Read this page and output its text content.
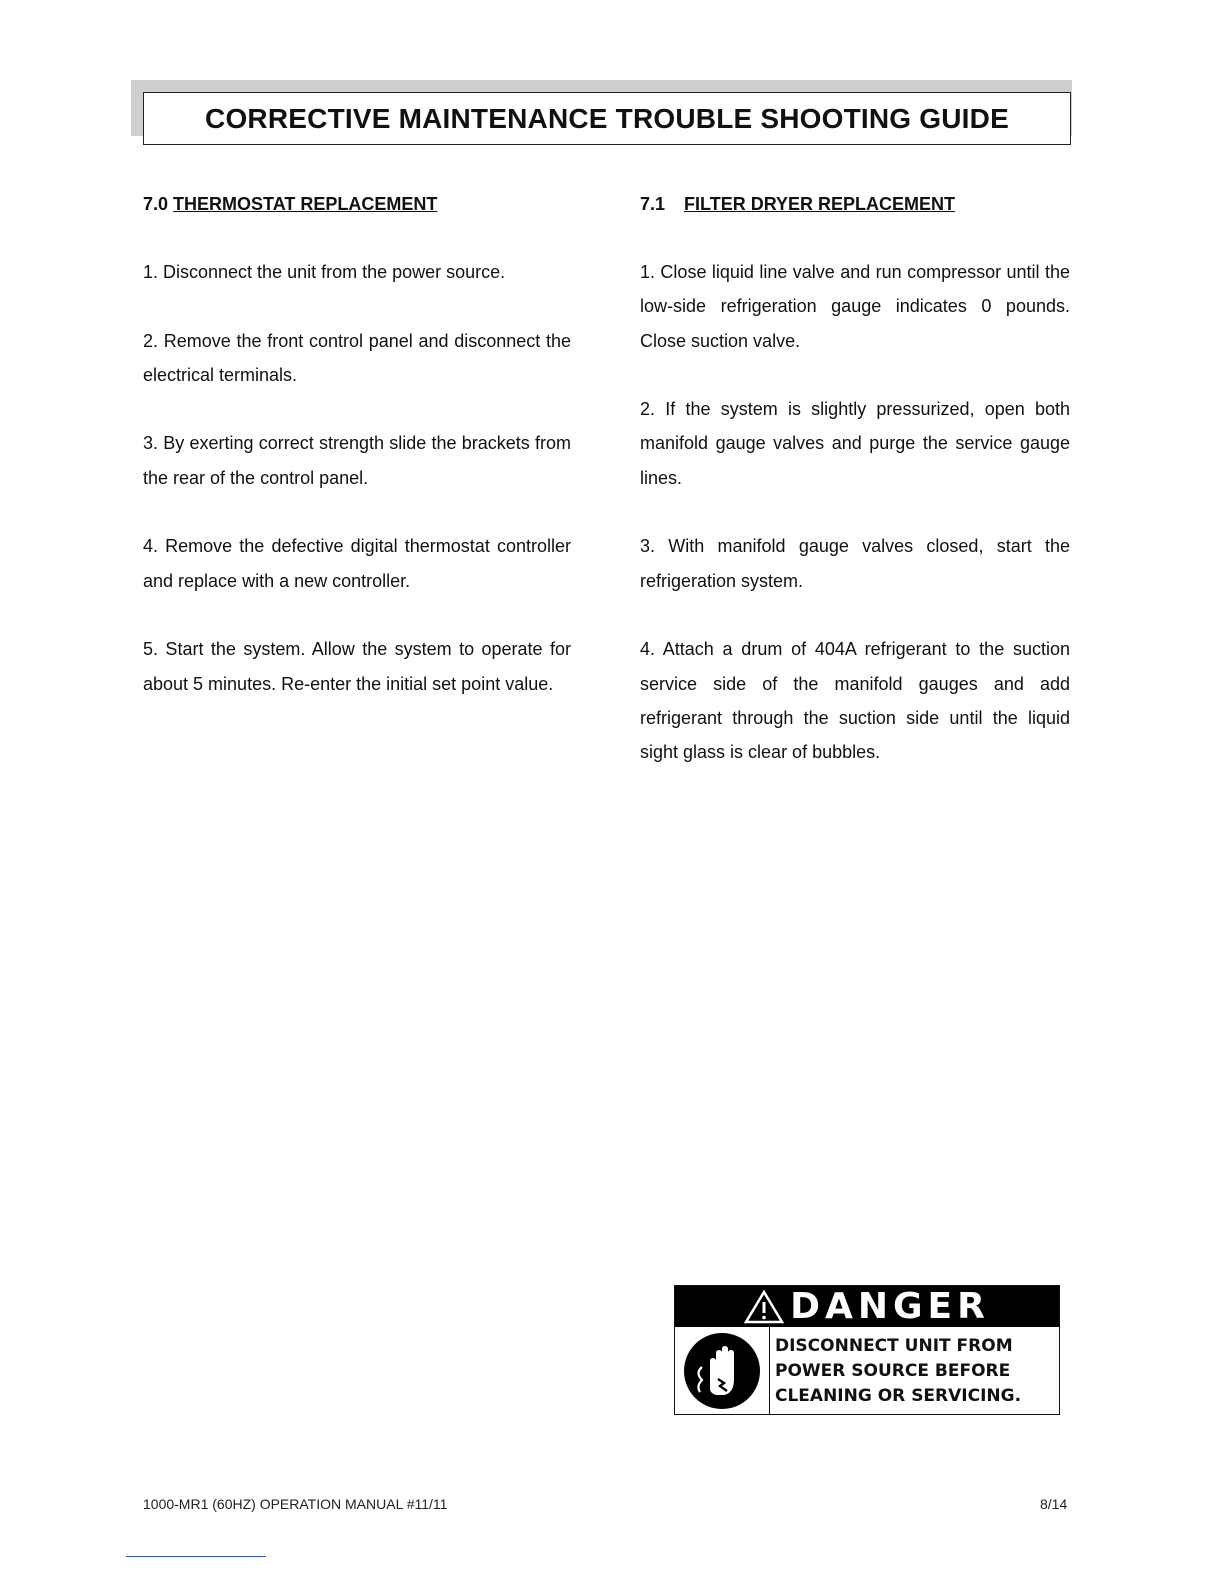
CORRECTIVE MAINTENANCE TROUBLE SHOOTING GUIDE
7.0 THERMOSTAT REPLACEMENT	7.1 FILTER DRYER REPLACEMENT

1. Disconnect the unit from the power source.

2. Remove the front control panel and disconnect the electrical terminals.

3. By exerting correct strength slide the brackets from the rear of the control panel.

4. Remove the defective digital thermostat controller and replace with a new controller.

5. Start the system. Allow the system to operate for about 5 minutes. Re-enter the initial set point value.

1. Close liquid line valve and run compressor until the low-side refrigeration gauge indicates 0 pounds. Close suction valve.

2. If the system is slightly pressurized, open both manifold gauge valves and purge the service gauge lines.

3. With manifold gauge valves closed, start the refrigeration system.

4. Attach a drum of 404A refrigerant to the suction service side of the manifold gauges and add refrigerant through the suction side until the liquid sight glass is clear of bubbles.

DANGER
DISCONNECT UNIT FROM
POWER SOURCE BEFORE
CLEANING OR SERVICING.
1000-MR1 (60HZ) OPERATION MANUAL #11/11	8/14
